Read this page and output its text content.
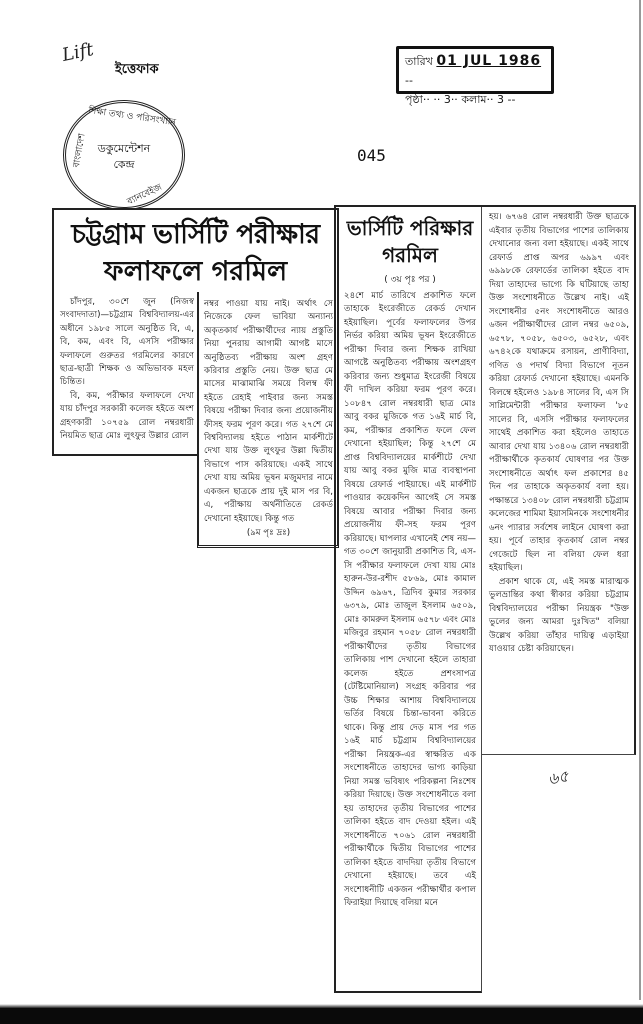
Lift
ইত্তেফাক
শিক্ষা তথ্য ও পরিসংখ্যান
বাংলাদেশ
ব্যানবেইজ
ডকুমেন্টেশন
কেন্দ্র
তারিখ 01 JUL 1986 --
পৃষ্ঠা·· ·· 3·· কলাম·· 3 --
045
চট্টগ্রাম ভার্সিটি পরীক্ষার
ফলাফলে গরমিল

চাঁদপুর, ৩০শে জুন (নিজস্ব সংবাদদাতা)—চট্টগ্রাম বিশ্ববিদ্যালয়-এর অধীনে ১৯৮৫ সালে অনুষ্ঠিত বি, এ, বি, কম, এবং বি, এসসি পরীক্ষার ফলাফলে গুরুতর গরমিলের কারণে ছাত্র-ছাত্রী শিক্ষক ও অভিভাবক মহল চিন্তিত।

বি, কম, পরীক্ষার ফলাফলে দেখা যায় চাঁদপুর সরকারী কলেজ হইতে অংশ গ্রহণকারী ১০৭৫৯ রোল নম্বরধারী নিয়মিত ছাত্র মোঃ লুৎফুর উল্লার রোল

নম্বর পাওয়া যায় নাই। অর্থাৎ সে নিজেকে ফেল ভাবিয়া অন্যান্য অকৃতকার্য পরীক্ষার্থীদের ন্যায় প্রস্তুতি নিয়া পুনরায় আগামী আগষ্ট মাসে অনুষ্ঠিতব্য পরীক্ষায় অংশ গ্রহণ করিবার প্রস্তুতি নেয়। উক্ত ছাত্র মে মাসের মাঝামাঝি সময়ে বিলম্ব ফী হইতে রেহাই পাইবার জন্য সমস্ত বিষয়ে পরীক্ষা দিবার জন্য প্রয়োজনীয় ফীসহ ফরম পূরণ করে। গত ২৭শে মে বিশ্ববিদ্যালয় হইতে পাঠান মার্কশীটে দেখা যায় উক্ত লুৎফুর উল্লা দ্বিতীয় বিভাগে পাস করিয়াছে। একই সাথে দেখা যায় অমিয় ভূষন মজুমদার নামে একজন ছাত্রকে প্রায় দুই মাস পর বি, এ, পরীক্ষায় অর্থনীতিতে রেকর্ড দেখানো হইয়াছে। কিন্তু গত

(৯ম পৃঃ দ্রঃ)
ভার্সিটি পরিক্ষার
গরমিল
( ৩য় পৃঃ পর )

২৪শে মার্চ তারিখে প্রকাশিত ফলে তাহাকে ইংরেজীতে রেকর্ড দেখান হইয়াছিল। পূর্বের ফলাফলের উপর নির্ভর করিয়া অমিয় ভূষন ইংরেজীতে পরীক্ষা দিবার জন্য শিক্ষক রাখিয়া আগষ্টে অনুষ্ঠিতব্য পরীক্ষায় অংশগ্রহণ করিবার জন্য শুধুমাত্র ইংরেজী বিষয়ে ফী দাখিল করিয়া ফরম পূরণ করে। ১০৮৪৭ রোল নম্বরধারী ছাত্র মোঃ আবু বকর মুজিকে গত ১৬ই মার্চ বি, কম, পরীক্ষার প্রকাশিত ফলে ফেল দেখানো হইয়াছিল; কিন্তু ২৭শে মে প্রাপ্ত বিশ্ববিদ্যালয়ের মার্কশীটে দেখা যায় আবু বকর মুজি মাত্র ব্যবস্থাপনা বিষয়ে রেফার্ড পাইয়াছে। এই মার্কশীট পাওয়ার কয়েকদিন আগেই সে সমস্ত বিষয়ে আবার পরীক্ষা দিবার জন্য প্রয়োজনীয় ফী-সহ ফরম পূরণ করিয়াছে। ঘাপলার এখানেই শেষ নয়—গত ৩০শে জানুয়ারী প্রকাশিত বি, এস-সি পরীক্ষার ফলাফলে দেখা যায় মোঃ হারুন-উর-রশীদ ৫৮৬৯, মোঃ কামাল উদ্দিন ৬৯৬৭, ত্রিদিব কুমার সরকার ৬৩৭৯, মোঃ তাজুল ইসলাম ৬৫০৯, মোঃ কামরুল ইসলাম ৬৫৭৮ এবং মোঃ মজিবুর রহমান ৭০৫৮ রোল নম্বরধারী পরীক্ষার্থীদের তৃতীয় বিভাগের তালিকায় পাশ দেখানো হইলে তাহারা কলেজ হইতে প্রশংসাপত্র (টেষ্টিমোনিয়াল) সংগ্রহ করিবার পর উচ্চ শিক্ষার আশায় বিশ্ববিদ্যালয়ে ভর্তির বিষয়ে চিন্তা-ভাবনা করিতে থাকে। কিন্তু প্রায় দেড় মাস পর গত ১৬ই মার্চ চট্টগ্রাম বিশ্ববিদ্যালয়ের পরীক্ষা নিয়ন্ত্রক-এর স্বাক্ষরিত এক সংশোধনীতে তাহাদের ভাগ্য কাড়িয়া নিয়া সমস্ত ভবিষ্যৎ পরিকল্পনা নিঃশেষ করিয়া দিয়াছে। উক্ত সংশোধনীতে বলা হয় তাহাদের তৃতীয় বিভাগের পাশের তালিকা হইতে বাদ দেওয়া হইল। এই সংশোধনীতে ৭০৬১ রোল নম্বরধারী পরীক্ষার্থীকে দ্বিতীয় বিভাগের পাশের তালিকা হইতে বাদদিয়া তৃতীয় বিভাগে দেখানো হইয়াছে। তবে এই সংশোধনীটি একজন পরীক্ষার্থীর কপাল ফিরাইয়া দিয়াছে বলিয়া মনে

হয়। ৬৭৬৪ রোল নম্বরধারী উক্ত ছাত্রকে এইবার তৃতীয় বিভাগের পাশের তালিকায় দেখানোর জন্য বলা হইয়াছে। একই সাথে রেফার্ড প্রাপ্ত অপর ৬৯৯৭ এবং ৬৯৯৮কে রেফার্ডের তালিকা হইতে বাদ দিয়া তাহাদের ভাগ্যে কি ঘটিয়াছে তাহা উক্ত সংশোধনীতে উল্লেখ নাই। এই সংশোধনীর ৫নং সংশোধনীতে আরও ৬জন পরীক্ষার্থীদের রোল নম্বর ৬৫০৯, ৬৫৭৮, ৭০৫৮, ৬৫০৩, ৬৫২৮, এবং ৬৭৪২কে যথাক্রমে রসায়ন, প্রাণীবিদ্যা, গণিত ও পদার্থ বিদ্যা বিভাগে নূতন করিয়া রেফার্ড দেখানো হইয়াছে। এমনকি বিলম্বে হইলেও ১৯৮৪ সালের বি, এস সি সাপ্লিমেন্টারী পরীক্ষার ফলাফল '৮৫ সালের বি, এসসি পরীক্ষার ফলাফলের সাথেই প্রকাশিত করা হইলেও তাহাতে আবার দেখা যায় ১৩৪০৬ রোল নম্বরধারী পরীক্ষার্থীকে কৃতকার্য ঘোষণার পর উক্ত সংশোধনীতে অর্থাৎ ফল প্রকাশের ৪৫ দিন পর তাহাকে অকৃতকার্য বলা হয়। পক্ষান্তরে ১৩৪০৮ রোল নম্বরধারী চট্টগ্রাম কলেজের শামিমা ইয়াসমিনকে সংশোধনীর ৬নং প্যারার সর্বশেষ লাইনে ঘোষণা করা হয়। পূর্বে তাহার কৃতকার্য রোল নম্বর গেজেটে ছিল না বলিয়া ফেল ধরা হইয়াছিল।

প্রকাশ থাকে যে, এই সমস্ত মারাত্মক ভুলভ্রান্তির কথা স্বীকার করিয়া চট্টগ্রাম বিশ্ববিদ্যালয়ের পরীক্ষা নিয়ন্ত্রক "উক্ত ভুলের জন্য আমরা দুঃখিত" বলিয়া উল্লেখ করিয়া তাঁহার দায়িত্ব এড়াইয়া যাওয়ার চেষ্টা করিয়াছেন।

৬৫
